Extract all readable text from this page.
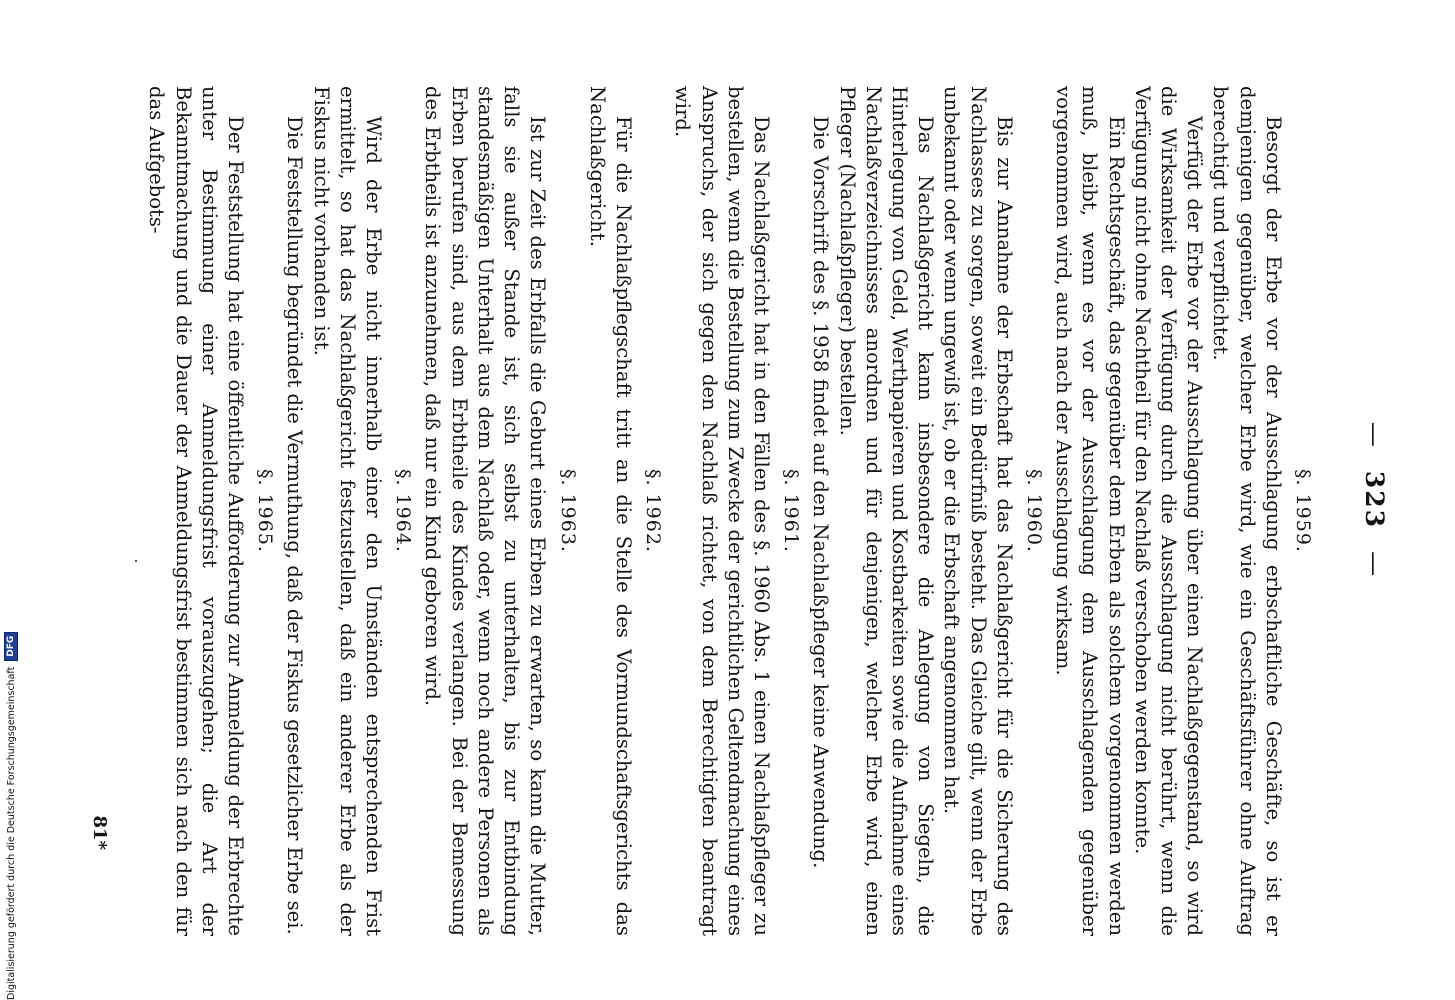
—323—
§. 1959.

Besorgt der Erbe vor der Ausschlagung erbschaftliche Geschäfte, so ist er demjenigen gegenüber, welcher Erbe wird, wie ein Geschäftsführer ohne Auftrag berechtigt und verpflichtet.

Verfügt der Erbe vor der Ausschlagung über einen Nachlaßgegenstand, so wird die Wirksamkeit der Verfügung durch die Ausschlagung nicht berührt, wenn die Verfügung nicht ohne Nachtheil für den Nachlaß verschoben werden konnte.

Ein Rechtsgeschäft, das gegenüber dem Erben als solchem vorgenommen werden muß, bleibt, wenn es vor der Ausschlagung dem Ausschlagenden gegenüber vorgenommen wird, auch nach der Ausschlagung wirksam.

§. 1960.

Bis zur Annahme der Erbschaft hat das Nachlaßgericht für die Sicherung des Nachlasses zu sorgen, soweit ein Bedürfniß besteht. Das Gleiche gilt, wenn der Erbe unbekannt oder wenn ungewiß ist, ob er die Erbschaft angenommen hat.

Das Nachlaßgericht kann insbesondere die Anlegung von Siegeln, die Hinterlegung von Geld, Werthpapieren und Kostbarkeiten sowie die Aufnahme eines Nachlaßverzeichnisses anordnen und für denjenigen, welcher Erbe wird, einen Pfleger (Nachlaßpfleger) bestellen.

Die Vorschrift des §. 1958 findet auf den Nachlaßpfleger keine Anwendung.

§. 1961.

Das Nachlaßgericht hat in den Fällen des §. 1960 Abs. 1 einen Nachlaßpfleger zu bestellen, wenn die Bestellung zum Zwecke der gerichtlichen Geltendmachung eines Anspruchs, der sich gegen den Nachlaß richtet, von dem Berechtigten beantragt wird.

§. 1962.

Für die Nachlaßpflegschaft tritt an die Stelle des Vormundschaftsgerichts das Nachlaßgericht.

§. 1963.

Ist zur Zeit des Erbfalls die Geburt eines Erben zu erwarten, so kann die Mutter, falls sie außer Stande ist, sich selbst zu unterhalten, bis zur Entbindung standesmäßigen Unterhalt aus dem Nachlaß oder, wenn noch andere Personen als Erben berufen sind, aus dem Erbtheile des Kindes verlangen. Bei der Bemessung des Erbtheils ist anzunehmen, daß nur ein Kind geboren wird.

§. 1964.

Wird der Erbe nicht innerhalb einer den Umständen entsprechenden Frist ermittelt, so hat das Nachlaßgericht festzustellen, daß ein anderer Erbe als der Fiskus nicht vorhanden ist.

Die Feststellung begründet die Vermuthung, daß der Fiskus gesetzlicher Erbe sei.

§. 1965.

Der Feststellung hat eine öffentliche Aufforderung zur Anmeldung der Erbrechte unter Bestimmung einer Anmeldungsfrist vorauszugehen; die Art der Bekanntmachung und die Dauer der Anmeldungsfrist bestimmen sich nach den für das Aufgebots-

81*
Digitalisierung gefördert durch die Deutsche Forschungsgemeinschaft
DFG
